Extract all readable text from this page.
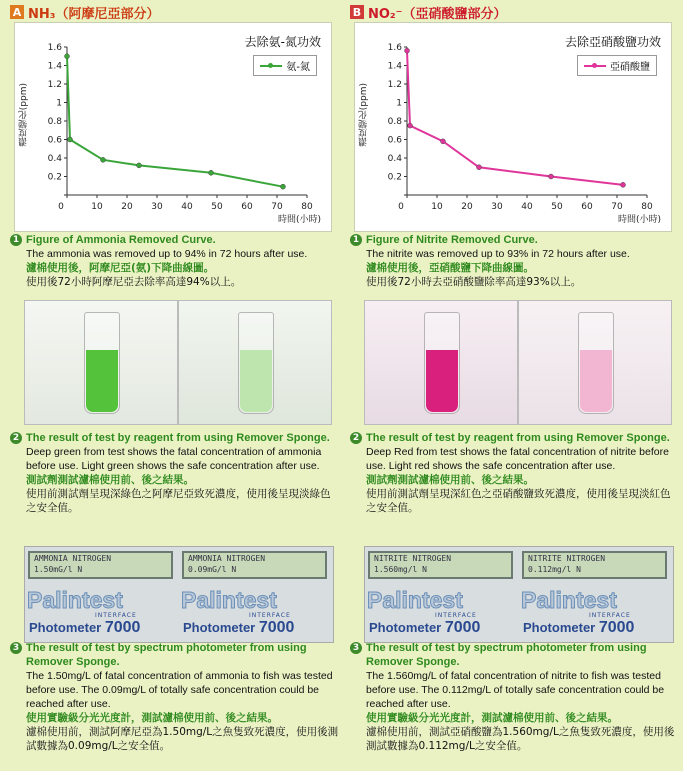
A NH₃（阿摩尼亞部分）
0.2
0.4
0.6
0.8
1
1.2
1.4
1.6
0	10 20 30 40 50 60 70 80
去除氨-氮功效
氨-氮
濃度變化(ppm)
時間(小時)
1 Figure of Ammonia Removed Curve.
The ammonia was removed up to 94% in 72 hours after use.
濾棉使用後，阿摩尼亞(氨)下降曲線圖。
使用後72小時阿摩尼亞去除率高達94%以上。
2 The result of test by reagent from using Remover Sponge.
Deep green from test shows the fatal concentration of ammonia before use. Light green shows the safe concentration after use.
測試劑測試濾棉使用前、後之結果。
使用前測試劑呈現深綠色之阿摩尼亞致死濃度，使用後呈現淡綠色之安全值。
AMMONIA NITROGEN
1.50mG/l N
AMMONIA NITROGEN
0.09mG/l N
Palintest	Palintest
INTERFACE	INTERFACE
Photometer 7000	Photometer 7000
3 The result of test by spectrum photometer from using Remover Sponge.
The 1.50mg/L of fatal concentration of ammonia to fish was tested before use. The 0.09mg/L of totally safe concentration could be reached after use.
使用實驗級分光光度計，測試濾棉使用前、後之結果。
濾棉使用前，測試阿摩尼亞為1.50mg/L之魚隻致死濃度，使用後測試數據為0.09mg/L之安全值。
B NO₂⁻（亞硝酸鹽部分）
0.2
0.4
0.6
0.8
1
1.2
1.4
1.6
0	10 20 30 40 50 60 70 80
去除亞硝酸鹽功效
亞硝酸鹽
濃度變化(ppm)
時間(小時)
1 Figure of Nitrite Removed Curve.
The nitrite was removed up to 93% in 72 hours after use.
濾棉使用後，亞硝酸鹽下降曲線圖。
使用後72小時去亞硝酸鹽除率高達93%以上。
2 The result of test by reagent from using Remover Sponge.
Deep Red from test shows the fatal concentration of nitrite before use. Light red shows the safe concentration after use.
測試劑測試濾棉使用前、後之結果。
使用前測試劑呈現深紅色之亞硝酸鹽致死濃度，使用後呈現淡紅色之安全值。
NITRITE NITROGEN
1.560mg/l N
NITRITE NITROGEN
0.112mg/l N
Palintest	Palintest
INTERFACE	INTERFACE
Photometer 7000	Photometer 7000
3 The result of test by spectrum photometer from using Remover Sponge.
The 1.560mg/L of fatal concentration of nitrite to fish was tested before use. The 0.112mg/L of totally safe concentration could be reached after use.
使用實驗級分光光度計，測試濾棉使用前、後之結果。
濾棉使用前，測試亞硝酸鹽為1.560mg/L之魚隻致死濃度，使用後測試數據為0.112mg/L之安全值。
